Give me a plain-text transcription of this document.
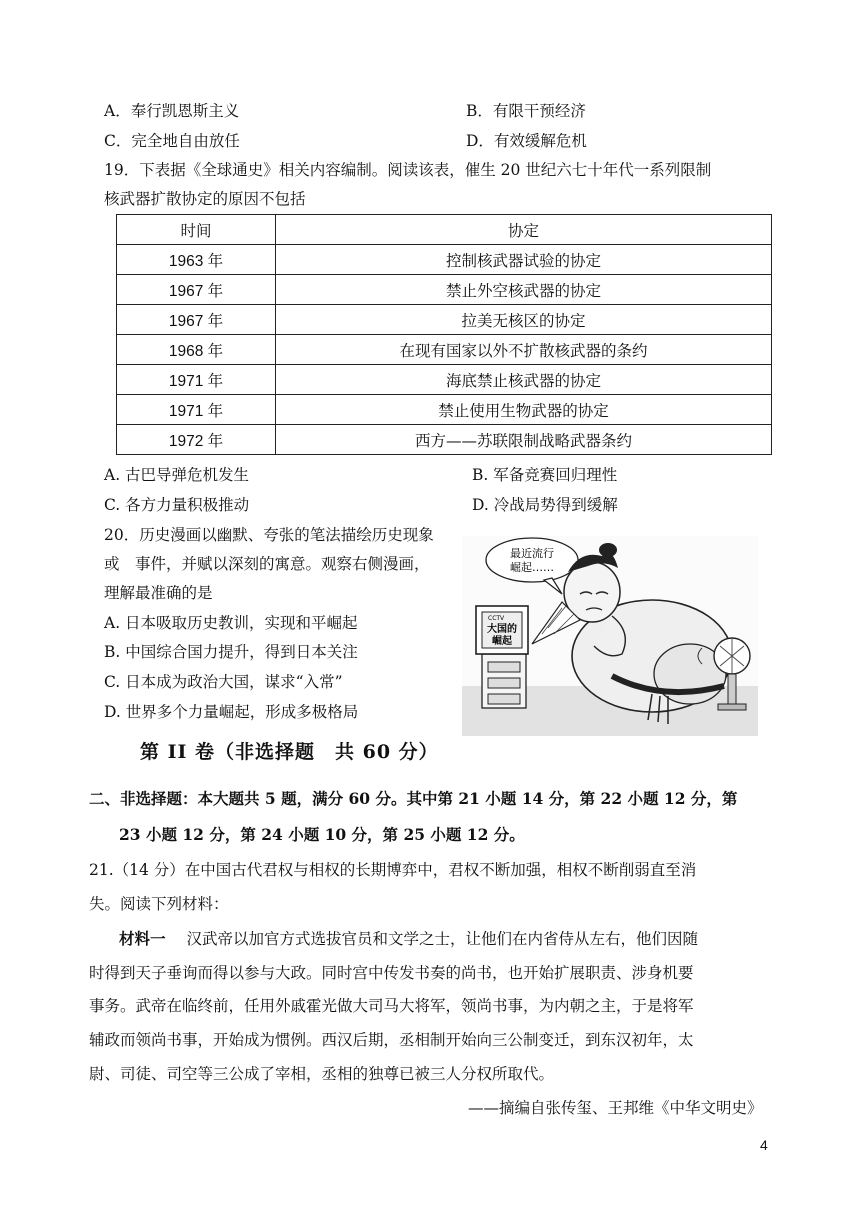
A．奉行凯恩斯主义	B．有限干预经济
C．完全地自由放任	D．有效缓解危机
19．下表据《全球通史》相关内容编制。阅读该表，催生 20 世纪六七十年代一系列限制
核武器扩散协定的原因不包括
时间	协定
1963 年	控制核武器试验的协定
1967 年	禁止外空核武器的协定
1967 年	拉美无核区的协定
1968 年	在现有国家以外不扩散核武器的条约
1971 年	海底禁止核武器的协定
1971 年	禁止使用生物武器的协定
1972 年	西方——苏联限制战略武器条约
A. 古巴导弹危机发生	B. 军备竞赛回归理性
C. 各方力量积极推动	D. 冷战局势得到缓解
20．历史漫画以幽默、夸张的笔法描绘历史现象
或　事件，并赋以深刻的寓意。观察右侧漫画，
理解最准确的是
A. 日本吸取历史教训，实现和平崛起
B. 中国综合国力提升，得到日本关注
C. 日本成为政治大国，谋求“入常”
D. 世界多个力量崛起，形成多极格局
最近流行
崛起……
CCTV
大国的
崛起
第 II 卷（非选择题　共 60 分）
二、非选择题：本大题共 5 题，满分 60 分。其中第 21 小题 14 分，第 22 小题 12 分，第
23 小题 12 分，第 24 小题 10 分，第 25 小题 12 分。
21.（14 分）在中国古代君权与相权的长期博弈中，君权不断加强，相权不断削弱直至消
失。阅读下列材料：
材料一 汉武帝以加官方式选拔官员和文学之士，让他们在内省侍从左右，他们因随
时得到天子垂询而得以参与大政。同时宫中传发书奏的尚书，也开始扩展职责、涉身机要
事务。武帝在临终前，任用外戚霍光做大司马大将军，领尚书事，为内朝之主，于是将军
辅政而领尚书事，开始成为惯例。西汉后期，丞相制开始向三公制变迁，到东汉初年，太
尉、司徒、司空等三公成了宰相，丞相的独尊已被三人分权所取代。
——摘编自张传玺、王邦维《中华文明史》
4
